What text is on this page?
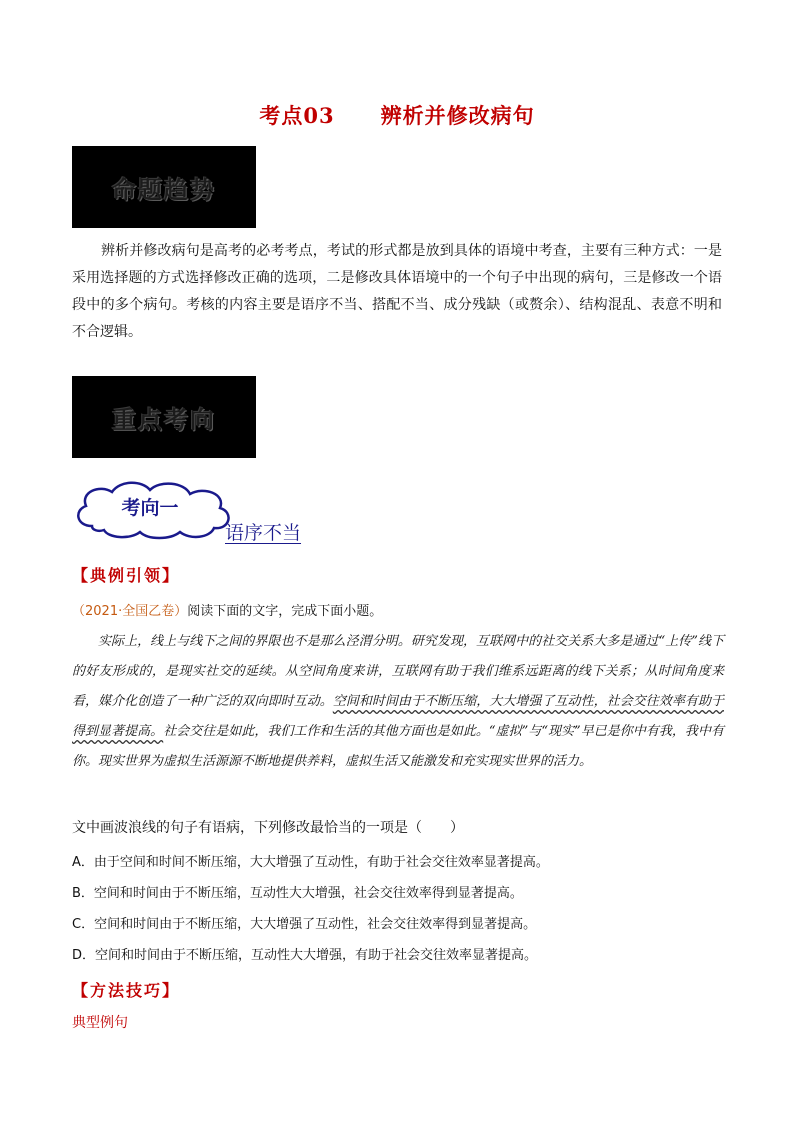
考点03 辨析并修改病句
命题趋势
辨析并修改病句是高考的必考考点，考试的形式都是放到具体的语境中考查，主要有三种方式：一是采用选择题的方式选择修改正确的选项，二是修改具体语境中的一个句子中出现的病句，三是修改一个语段中的多个病句。考核的内容主要是语序不当、搭配不当、成分残缺（或赘余）、结构混乱、表意不明和不合逻辑。
重点考向
考向一
语序不当
【典例引领】
（2021·全国乙卷）阅读下面的文字，完成下面小题。
实际上，线上与线下之间的界限也不是那么泾渭分明。研究发现，互联网中的社交关系大多是通过“上传”线下的好友形成的，是现实社交的延续。从空间角度来讲，互联网有助于我们维系远距离的线下关系；从时间角度来看，媒介化创造了一种广泛的双向即时互动。空间和时间由于不断压缩，大大增强了互动性，社会交往效率有助于得到显著提高。社会交往是如此，我们工作和生活的其他方面也是如此。“虚拟”与“现实”早已是你中有我，我中有你。现实世界为虚拟生活源源不断地提供养料，虚拟生活又能激发和充实现实世界的活力。
文中画波浪线的句子有语病，下列修改最恰当的一项是（　　）
A．由于空间和时间不断压缩，大大增强了互动性，有助于社会交往效率显著提高。
B．空间和时间由于不断压缩，互动性大大增强，社会交往效率得到显著提高。
C．空间和时间由于不断压缩，大大增强了互动性，社会交往效率得到显著提高。
D．空间和时间由于不断压缩，互动性大大增强，有助于社会交往效率显著提高。
【方法技巧】
典型例句
